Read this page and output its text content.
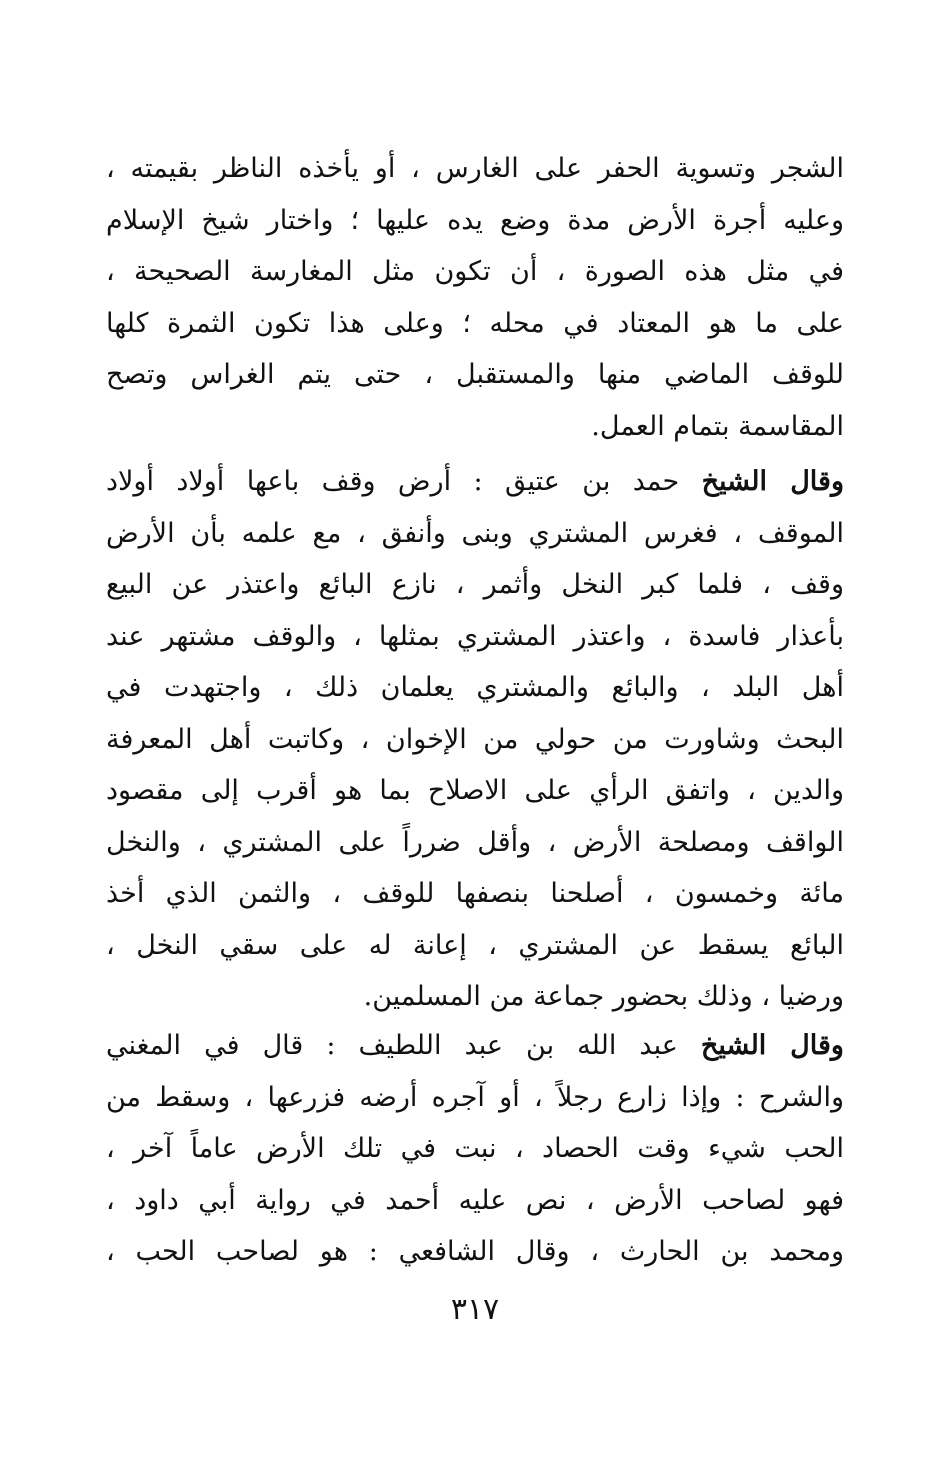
الشجر وتسوية الحفر على الغارس ، أو يأخذه الناظر بقيمته ،
وعليه أجرة الأرض مدة وضع يده عليها ؛ واختار شيخ الإسلام
في مثل هذه الصورة ، أن تكون مثل المغارسة الصحيحة ،
على ما هو المعتاد في محله ؛ وعلى هذا تكون الثمرة كلها
للوقف الماضي منها والمستقبل ، حتى يتم الغراس وتصح
المقاسمة بتمام العمل.
وقال الشيخ حمد بن عتيق : أرض وقف باعها أولاد أولاد
الموقف ، فغرس المشتري وبنى وأنفق ، مع علمه بأن الأرض
وقف ، فلما كبر النخل وأثمر ، نازع البائع واعتذر عن البيع
بأعذار فاسدة ، واعتذر المشتري بمثلها ، والوقف مشتهر عند
أهل البلد ، والبائع والمشتري يعلمان ذلك ، واجتهدت في
البحث وشاورت من حولي من الإخوان ، وكاتبت أهل المعرفة
والدين ، واتفق الرأي على الاصلاح بما هو أقرب إلى مقصود
الواقف ومصلحة الأرض ، وأقل ضرراً على المشتري ، والنخل
مائة وخمسون ، أصلحنا بنصفها للوقف ، والثمن الذي أخذ
البائع يسقط عن المشتري ، إعانة له على سقي النخل ،
ورضيا ، وذلك بحضور جماعة من المسلمين.
وقال الشيخ عبد الله بن عبد اللطيف : قال في المغني
والشرح : وإذا زارع رجلاً ، أو آجره أرضه فزرعها ، وسقط من
الحب شيء وقت الحصاد ، نبت في تلك الأرض عاماً آخر ،
فهو لصاحب الأرض ، نص عليه أحمد في رواية أبي داود ،
ومحمد بن الحارث ، وقال الشافعي : هو لصاحب الحب ،
٣١٧
